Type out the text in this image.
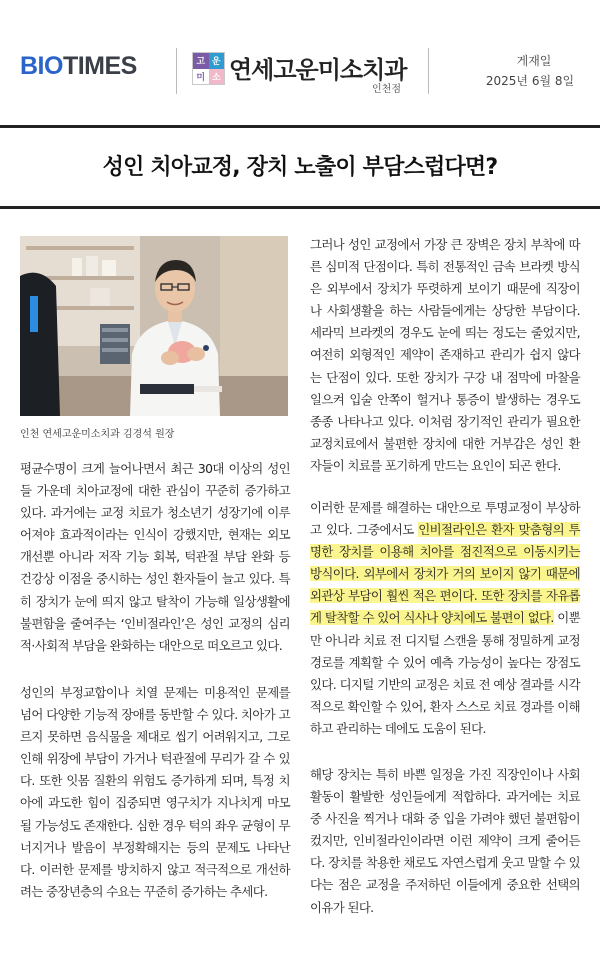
BIOTIMES	고 운
미 소 연세고운미소치과
인천점
게재일
2025년 6월 8일
성인 치아교정, 장치 노출이 부담스럽다면?
인천 연세고운미소치과 김경석 원장

평균수명이 크게 늘어나면서 최근 30대 이상의 성인들 가운데 치아교정에 대한 관심이 꾸준히 증가하고 있다. 과거에는 교정 치료가 청소년기 성장기에 이루어져야 효과적이라는 인식이 강했지만, 현재는 외모 개선뿐 아니라 저작 기능 회복, 턱관절 부담 완화 등 건강상 이점을 중시하는 성인 환자들이 늘고 있다. 특히 장치가 눈에 띄지 않고 탈착이 가능해 일상생활에 불편함을 줄여주는 ‘인비절라인’은 성인 교정의 심리적·사회적 부담을 완화하는 대안으로 떠오르고 있다.

성인의 부정교합이나 치열 문제는 미용적인 문제를 넘어 다양한 기능적 장애를 동반할 수 있다. 치아가 고르지 못하면 음식물을 제대로 씹기 어려워지고, 그로 인해 위장에 부담이 가거나 턱관절에 무리가 갈 수 있다. 또한 잇몸 질환의 위험도 증가하게 되며, 특정 치아에 과도한 힘이 집중되면 영구치가 지나치게 마모될 가능성도 존재한다. 심한 경우 턱의 좌우 균형이 무너지거나 발음이 부정확해지는 등의 문제도 나타난다. 이러한 문제를 방치하지 않고 적극적으로 개선하려는 중장년층의 수요는 꾸준히 증가하는 추세다.

그러나 성인 교정에서 가장 큰 장벽은 장치 부착에 따른 심미적 단점이다. 특히 전통적인 금속 브라켓 방식은 외부에서 장치가 뚜렷하게 보이기 때문에 직장이나 사회생활을 하는 사람들에게는 상당한 부담이다. 세라믹 브라켓의 경우도 눈에 띄는 정도는 줄었지만, 여전히 외형적인 제약이 존재하고 관리가 쉽지 않다는 단점이 있다. 또한 장치가 구강 내 점막에 마찰을 일으켜 입술 안쪽이 헐거나 통증이 발생하는 경우도 종종 나타나고 있다. 이처럼 장기적인 관리가 필요한 교정치료에서 불편한 장치에 대한 거부감은 성인 환자들이 치료를 포기하게 만드는 요인이 되곤 한다.

이러한 문제를 해결하는 대안으로 투명교정이 부상하고 있다. 그중에서도 인비절라인은 환자 맞춤형의 투명한 장치를 이용해 치아를 점진적으로 이동시키는 방식이다. 외부에서 장치가 거의 보이지 않기 때문에 외관상 부담이 훨씬 적은 편이다. 또한 장치를 자유롭게 탈착할 수 있어 식사나 양치에도 불편이 없다. 이뿐만 아니라 치료 전 디지털 스캔을 통해 정밀하게 교정 경로를 계획할 수 있어 예측 가능성이 높다는 장점도 있다. 디지털 기반의 교정은 치료 전 예상 결과를 시각적으로 확인할 수 있어, 환자 스스로 치료 경과를 이해하고 관리하는 데에도 도움이 된다.

해당 장치는 특히 바쁜 일정을 가진 직장인이나 사회활동이 활발한 성인들에게 적합하다. 과거에는 치료 중 사진을 찍거나 대화 중 입을 가려야 했던 불편함이 컸지만, 인비절라인이라면 이런 제약이 크게 줄어든다. 장치를 착용한 채로도 자연스럽게 웃고 말할 수 있다는 점은 교정을 주저하던 이들에게 중요한 선택의 이유가 된다.
